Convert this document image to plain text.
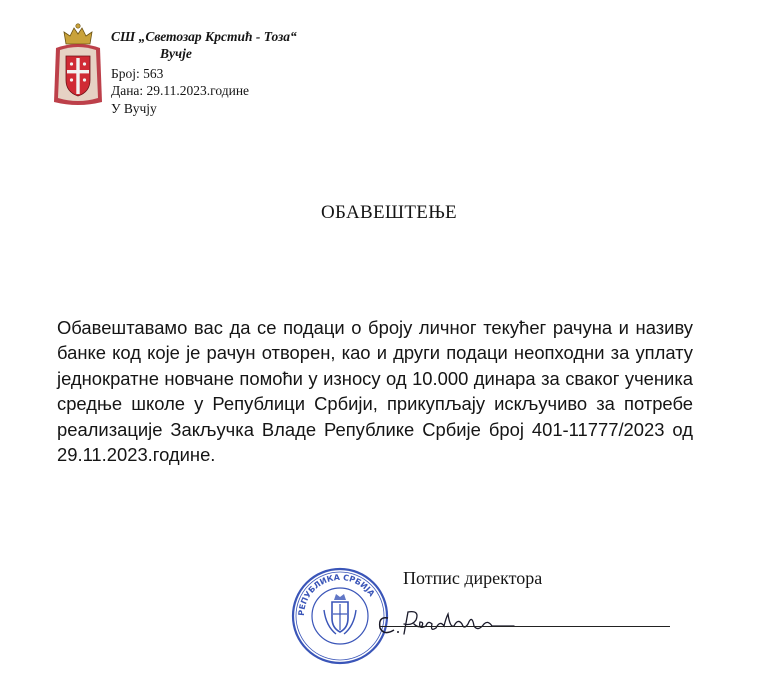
СШ „Светозар Крстић - Тоза“
Вучје
Број: 563
Дана: 29.11.2023.године
У Вучју
ОБАВЕШТЕЊЕ
Обавештавамо вас да се подаци о броју личног текућег рачуна и називу банке код које је рачун отворен, као и други подаци неопходни за уплату једнократне новчане помоћи у износу од 10.000 динара за сваког ученика средње школе у Републици Србији, прикупљају искључиво за потребе реализације Закључка Владе Републике Србије број 401-11777/2023 од 29.11.2023.године.
Потпис директора
РЕПУБЛИКА СРБИЈА
